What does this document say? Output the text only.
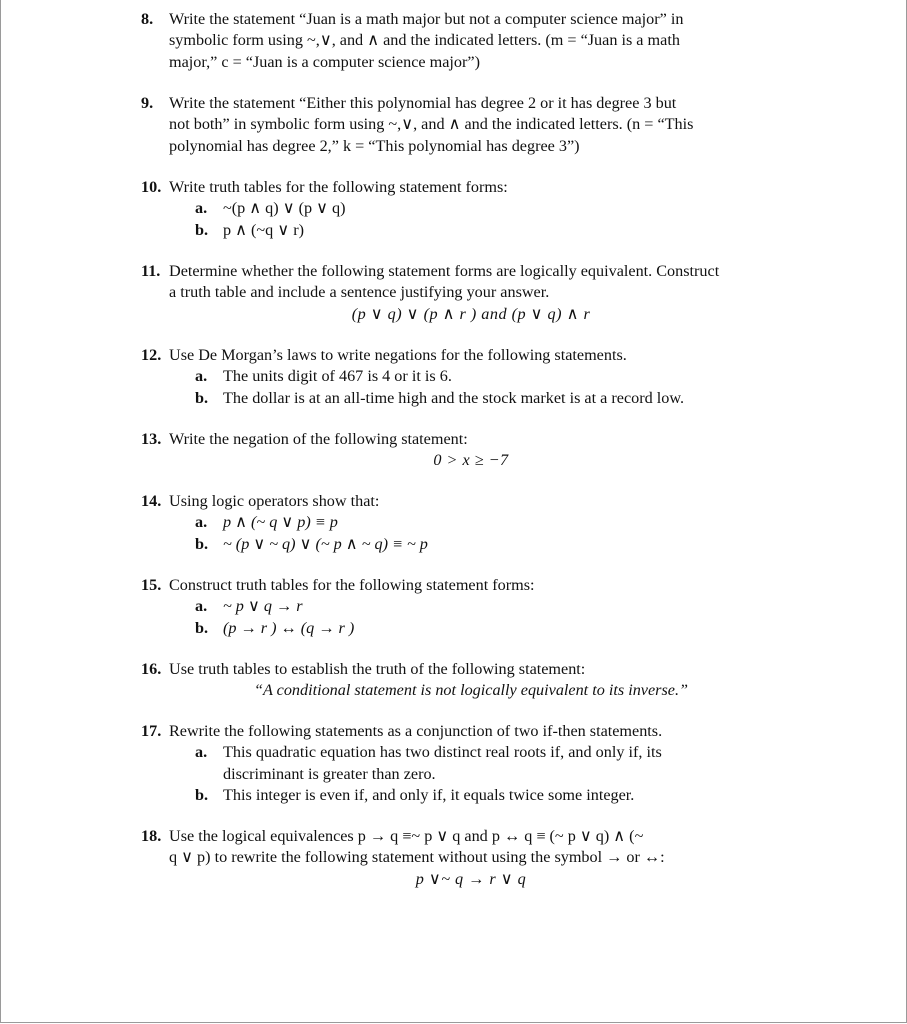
8. Write the statement “Juan is a math major but not a computer science major” in
symbolic form using ~,∨, and ∧ and the indicated letters. (m = “Juan is a math
major,” c = “Juan is a computer science major”)
9. Write the statement “Either this polynomial has degree 2 or it has degree 3 but
not both” in symbolic form using ~,∨, and ∧ and the indicated letters. (n = “This
polynomial has degree 2,” k = “This polynomial has degree 3”)
10. Write truth tables for the following statement forms:
a. ~(p ∧ q) ∨ (p ∨ q)
b. p ∧ (~q ∨ r)
11. Determine whether the following statement forms are logically equivalent. Construct
a truth table and include a sentence justifying your answer.
(p ∨ q) ∨ (p ∧ r ) and (p ∨ q) ∧ r
12. Use De Morgan’s laws to write negations for the following statements.
a. The units digit of 467 is 4 or it is 6.
b. The dollar is at an all-time high and the stock market is at a record low.
13. Write the negation of the following statement:
0 > x ≥ −7
14. Using logic operators show that:
a. p ∧ (~ q ∨ p) ≡ p
b. ~ (p ∨ ~ q) ∨ (~ p ∧ ~ q) ≡ ~ p
15. Construct truth tables for the following statement forms:
a. ~ p ∨ q → r
b. (p → r ) ↔ (q → r )
16. Use truth tables to establish the truth of the following statement:
“A conditional statement is not logically equivalent to its inverse.”
17. Rewrite the following statements as a conjunction of two if-then statements.
a. This quadratic equation has two distinct real roots if, and only if, its
discriminant is greater than zero.
b. This integer is even if, and only if, it equals twice some integer.
18. Use the logical equivalences p → q ≡~ p ∨ q and p ↔ q ≡ (~ p ∨ q) ∧ (~
q ∨ p) to rewrite the following statement without using the symbol → or ↔:
p ∨~ q → r ∨ q
